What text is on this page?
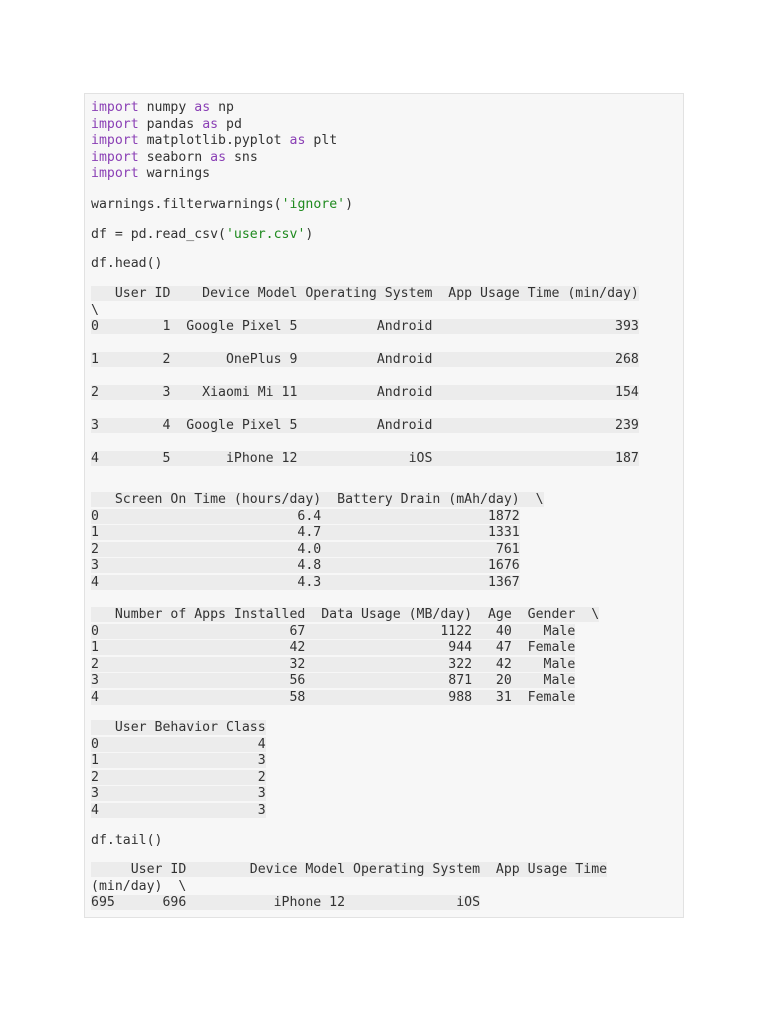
import numpy as np
import pandas as pd
import matplotlib.pyplot as plt
import seaborn as sns
import warnings
warnings.filterwarnings('ignore')
df = pd.read_csv('user.csv')
df.head()
User ID    Device Model Operating System  App Usage Time (min/day)
\
0        1  Google Pixel 5          Android                       393

1        2       OnePlus 9          Android                       268

2        3    Xiaomi Mi 11          Android                       154

3        4  Google Pixel 5          Android                       239

4        5       iPhone 12              iOS                       187
Screen On Time (hours/day)  Battery Drain (mAh/day)  \
0                         6.4                     1872
1                         4.7                     1331
2                         4.0                      761
3                         4.8                     1676
4                         4.3                     1367
Number of Apps Installed  Data Usage (MB/day)  Age  Gender  \
0                        67                 1122   40    Male
1                        42                  944   47  Female
2                        32                  322   42    Male
3                        56                  871   20    Male
4                        58                  988   31  Female
User Behavior Class
0                    4
1                    3
2                    2
3                    3
4                    3
df.tail()
User ID        Device Model Operating System  App Usage Time
(min/day)  \
695      696           iPhone 12              iOS
